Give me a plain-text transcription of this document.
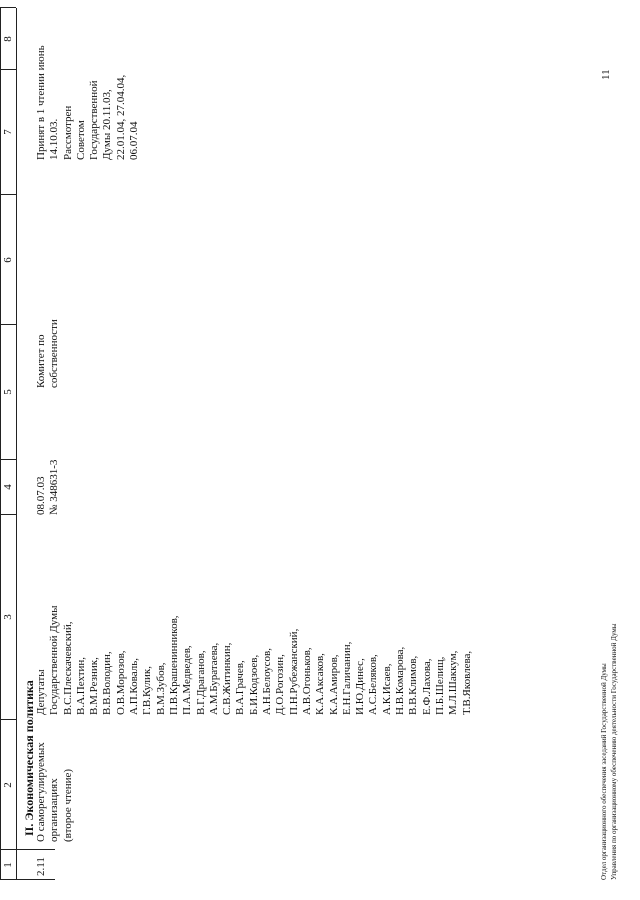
1
2
3
4
5
6
7
8
II. Экономическая политика
2.11
О саморегулируемых организациях (второе чтение)
Депутаты Государственной Думы В.С.Плескачевский, В.А.Пехтин, В.М.Резник, В.В.Володин, О.В.Морозов, А.П.Коваль, Г.В.Кулик, В.М.Зубов, П.В.Крашенинников, П.А.Медведев, В.Г.Драганов, А.М.Буратаева, С.В.Житинкин, В.А.Грачев, Б.И.Кодзоев, А.Н.Белоусов, Д.О.Рогозин, П.Н.Рубежанский, А.В.Огоньков, К.А.Аксаков, К.А.Амиров, Е.Н.Галичанин, И.Ю.Динес, А.С.Беляков, А.К.Исаев, Н.В.Комарова, В.В.Климов, Е.Ф.Лахова, П.Б.Шелищ, М.Л.Шаккум, Т.В.Яковлева,
08.07.03 № 348631-3
Комитет по собственности
Принят в 1 чтении июнь 14.10.03. Рассмотрен Советом Государственной Думы 20.11.03, 22.01.04, 27.04.04, 06.07.04
Отдел организационного обеспечения заседаний Государственной Думы Управления по организационному обеспечению деятельности Государственной Думы
11
